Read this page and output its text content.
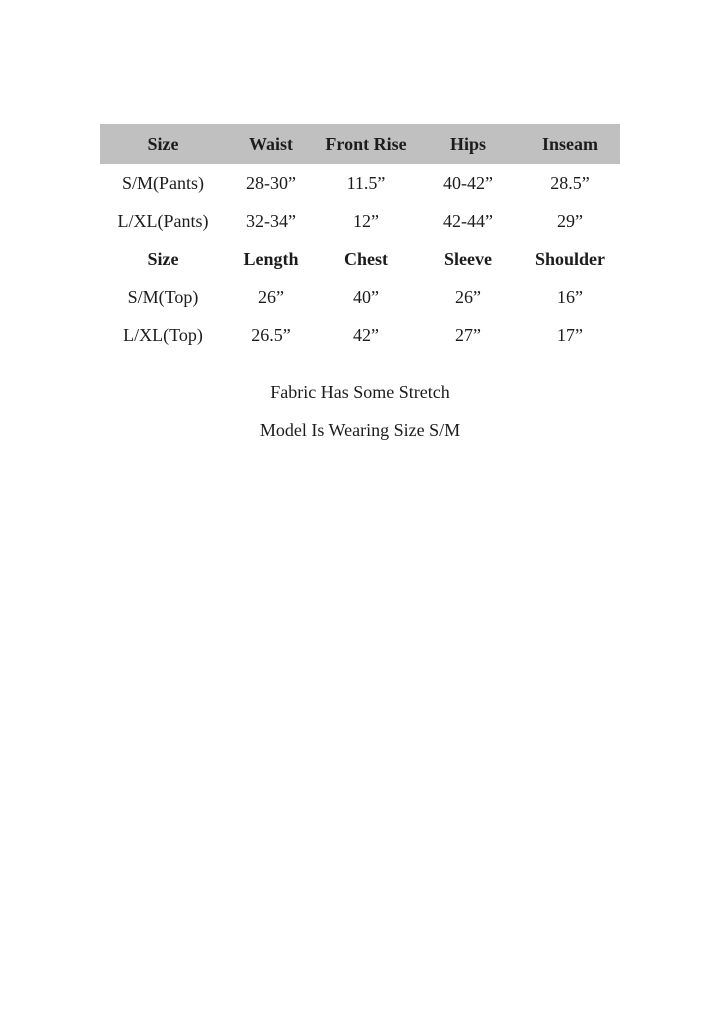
Size	Waist	Front Rise	Hips	Inseam
S/M(Pants)	28-30”	11.5”	40-42”	28.5”
L/XL(Pants)	32-34”	12”	42-44”	29”
Size	Length	Chest	Sleeve	Shoulder
S/M(Top)	26”	40”	26”	16”
L/XL(Top)	26.5”	42”	27”	17”
Fabric Has Some Stretch
Model Is Wearing Size S/M
